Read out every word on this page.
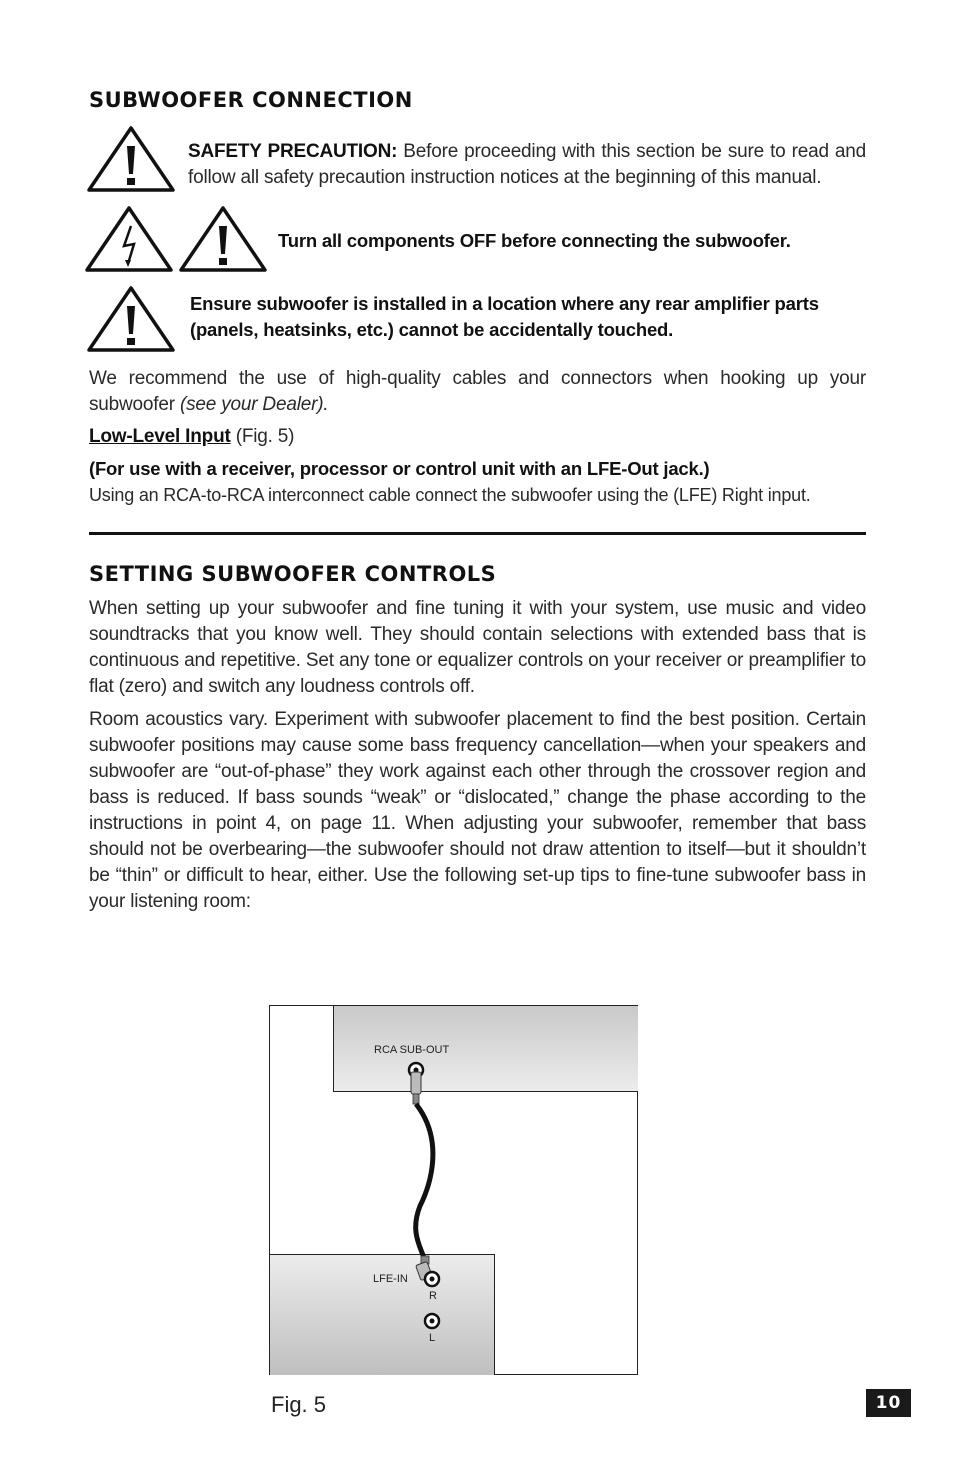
SUBWOOFER CONNECTION
SAFETY PRECAUTION: Before proceeding with this section be sure to read and follow all safety precaution instruction notices at the beginning of this manual.
Turn all components OFF before connecting the subwoofer.
Ensure subwoofer is installed in a location where any rear amplifier parts (panels, heatsinks, etc.) cannot be accidentally touched.
We recommend the use of high-quality cables and connectors when hooking up your subwoofer (see your Dealer).
Low-Level Input (Fig. 5)
(For use with a receiver, processor or control unit with an LFE-Out jack.)
Using an RCA-to-RCA interconnect cable connect the subwoofer using the (LFE) Right input.
SETTING SUBWOOFER CONTROLS
When setting up your subwoofer and fine tuning it with your system, use music and video soundtracks that you know well. They should contain selections with extended bass that is continuous and repetitive. Set any tone or equalizer controls on your receiver or preamplifier to flat (zero) and switch any loudness controls off.
Room acoustics vary. Experiment with subwoofer placement to find the best position. Certain subwoofer positions may cause some bass frequency cancellation—when your speakers and subwoofer are “out-of-phase” they work against each other through the crossover region and bass is reduced. If bass sounds “weak” or “dislocated,” change the phase according to the instructions in point 4, on page 11. When adjusting your subwoofer, remember that bass should not be overbearing—the subwoofer should not draw attention to itself—but it shouldn’t be “thin” or difficult to hear, either. Use the following set-up tips to fine-tune subwoofer bass in your listening room:
RCA SUB-OUT
LFE-IN
R
L
Fig. 5	10
